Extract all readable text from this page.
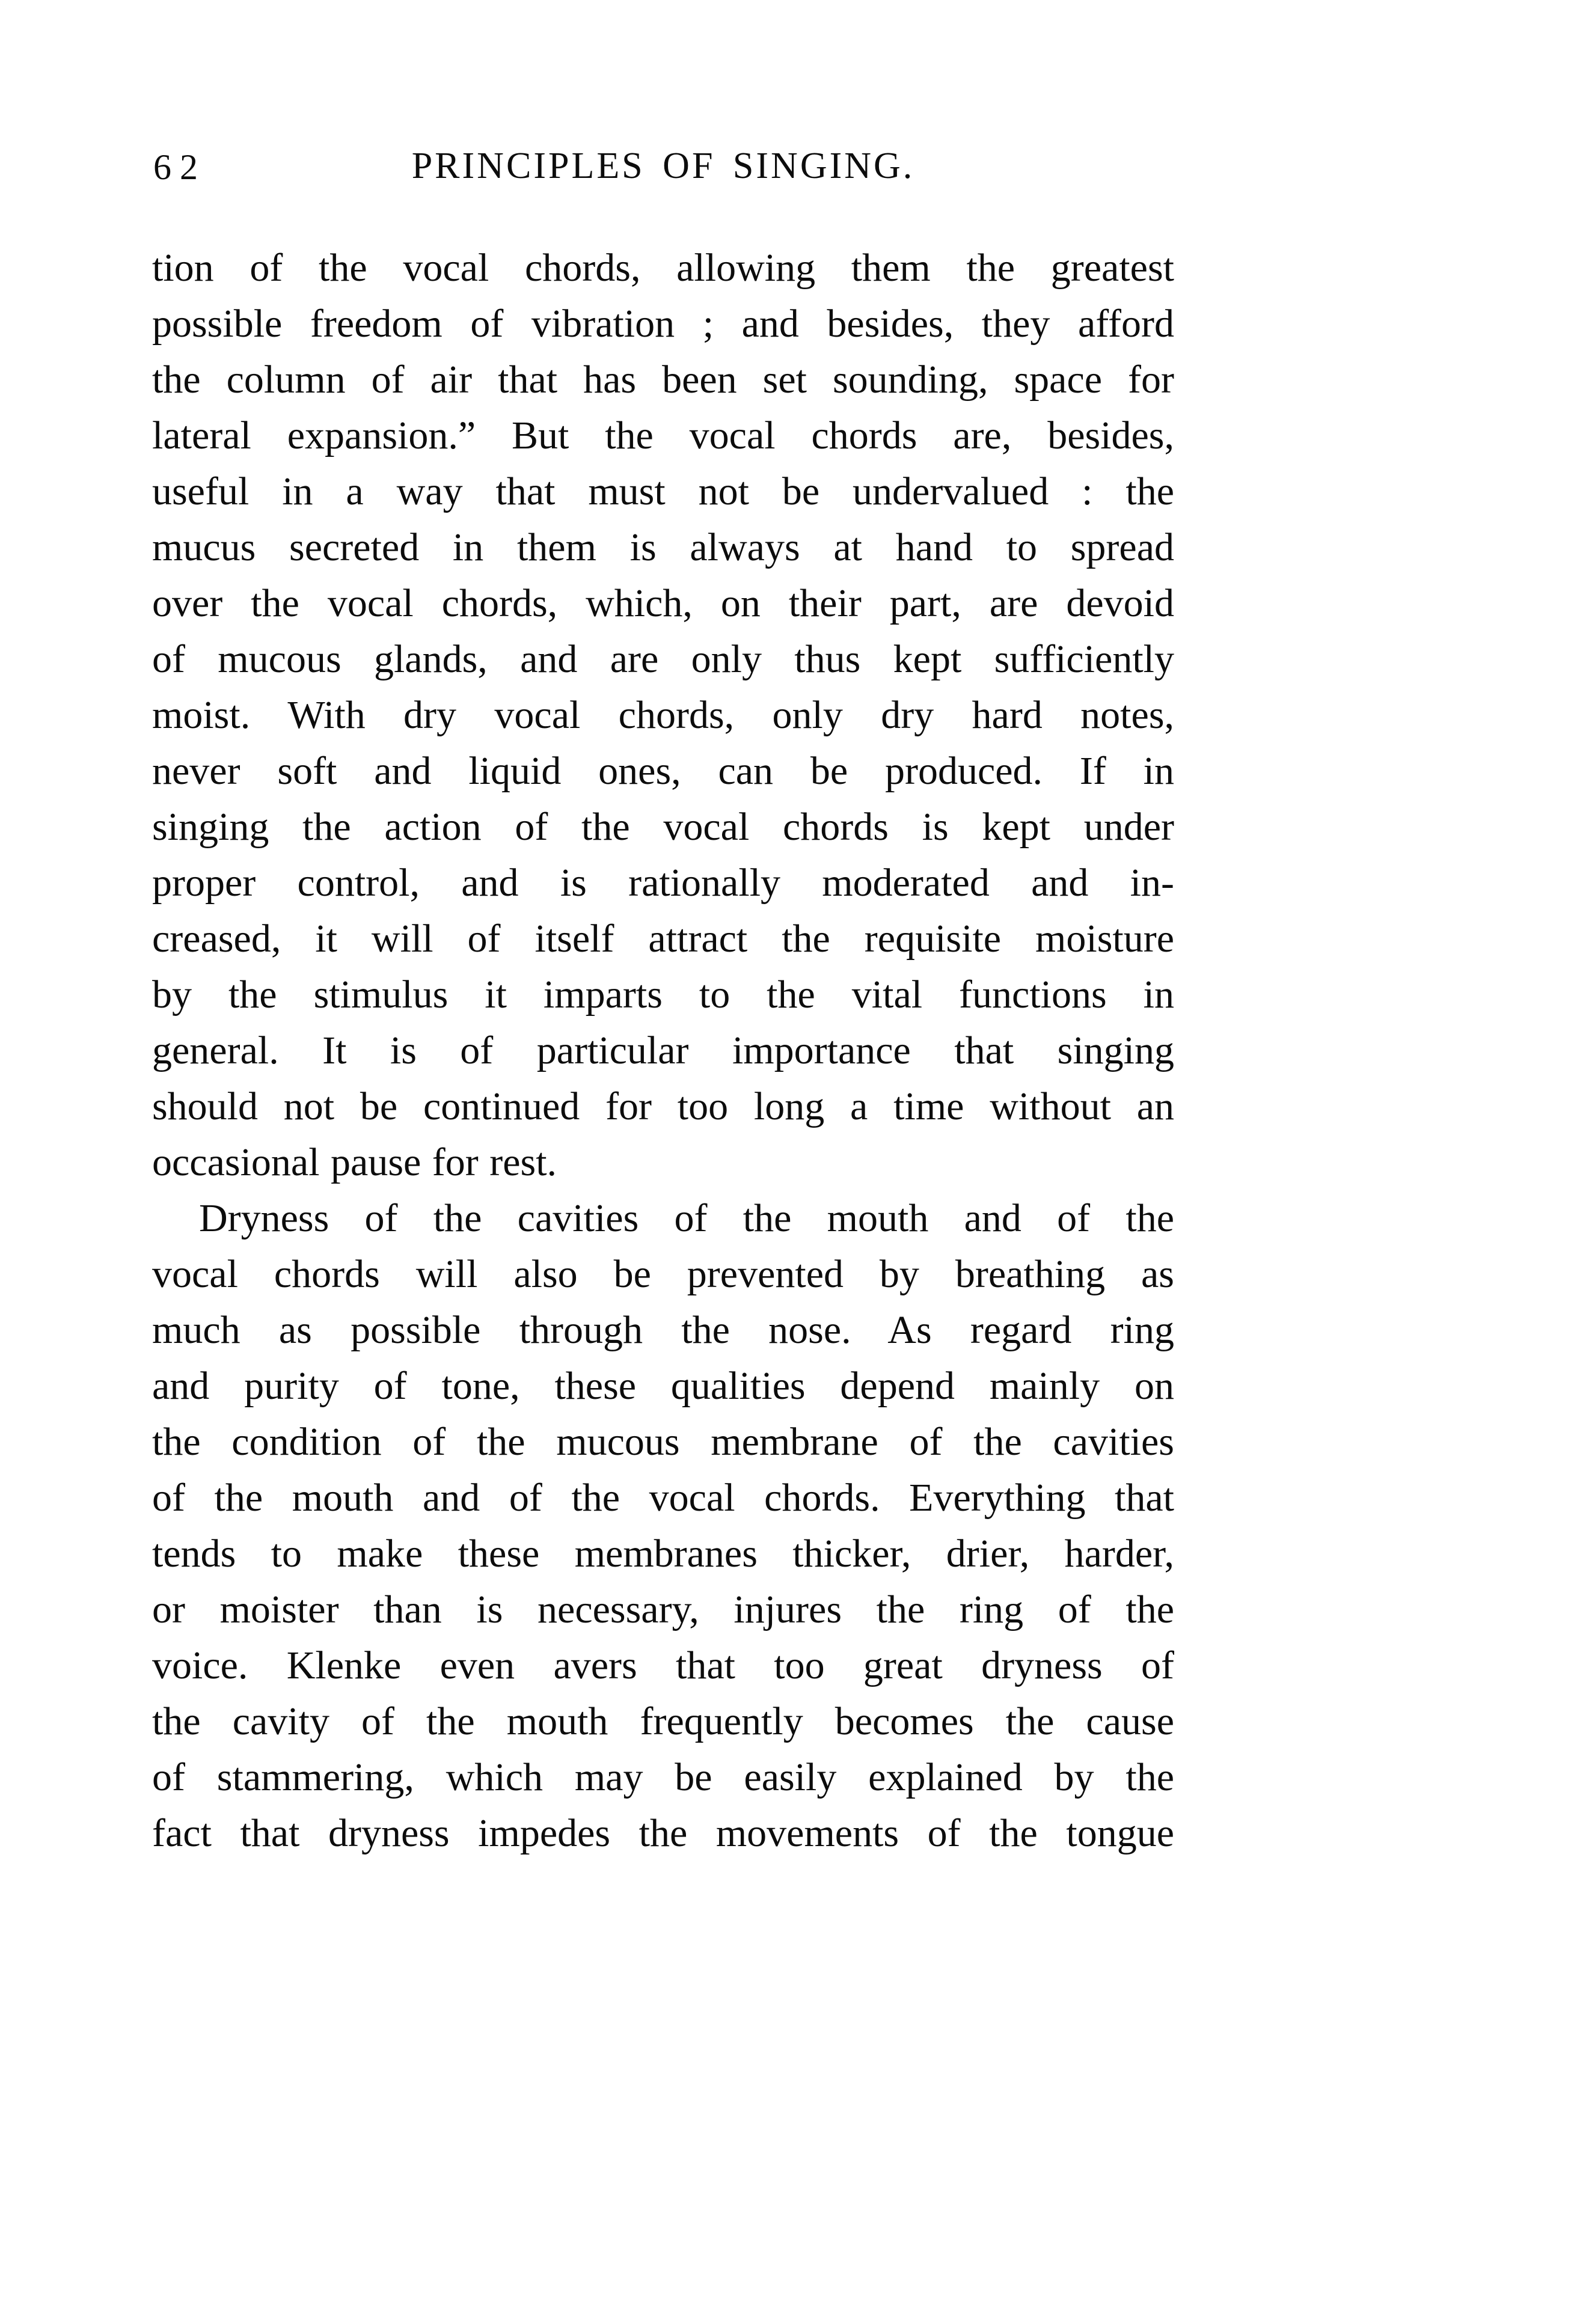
62	PRINCIPLES OF SINGING.
tion of the vocal chords, allowing them the greatest
possible freedom of vibration ; and besides, they afford
the column of air that has been set sounding, space for
lateral expansion.” But the vocal chords are, besides,
useful in a way that must not be undervalued : the
mucus secreted in them is always at hand to spread
over the vocal chords, which, on their part, are devoid
of mucous glands, and are only thus kept sufficiently
moist. With dry vocal chords, only dry hard notes,
never soft and liquid ones, can be produced. If in
singing the action of the vocal chords is kept under
proper control, and is rationally moderated and in-
creased, it will of itself attract the requisite moisture
by the stimulus it imparts to the vital functions in
general. It is of particular importance that singing
should not be continued for too long a time without an
occasional pause for rest.
Dryness of the cavities of the mouth and of the
vocal chords will also be prevented by breathing as
much as possible through the nose. As regard ring
and purity of tone, these qualities depend mainly on
the condition of the mucous membrane of the cavities
of the mouth and of the vocal chords. Everything that
tends to make these membranes thicker, drier, harder,
or moister than is necessary, injures the ring of the
voice. Klenke even avers that too great dryness of
the cavity of the mouth frequently becomes the cause
of stammering, which may be easily explained by the
fact that dryness impedes the movements of the tongue
